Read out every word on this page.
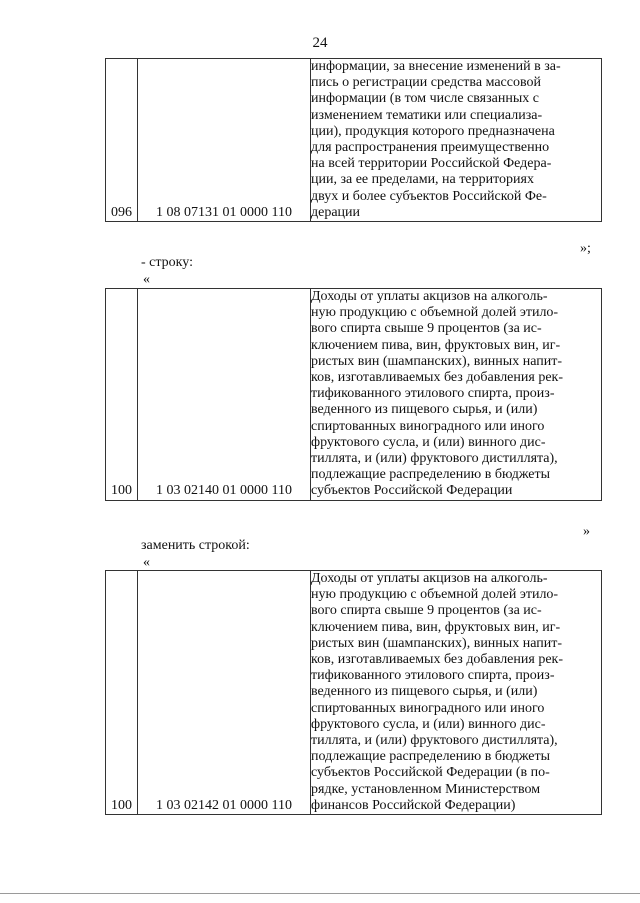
24
096	1 08 07131 01 0000 110	
информации, за внесение изменений в за-
пись о регистрации средства массовой
информации (в том числе связанных с
изменением тематики или специализа-
ции), продукция которого предназначена
для распространения преимущественно
на всей территории Российской Федера-
ции, за ее пределами, на территориях
двух и более субъектов Российской Фе-
дерации
»;
- строку:
«
100	1 03 02140 01 0000 110	
Доходы от уплаты акцизов на алкоголь-
ную продукцию с объемной долей этило-
вого спирта свыше 9 процентов (за ис-
ключением пива, вин, фруктовых вин, иг-
ристых вин (шампанских), винных напит-
ков, изготавливаемых без добавления рек-
тификованного этилового спирта, произ-
веденного из пищевого сырья, и (или)
спиртованных виноградного или иного
фруктового сусла, и (или) винного дис-
тиллята, и (или) фруктового дистиллята),
подлежащие распределению в бюджеты
субъектов Российской Федерации
»
заменить строкой:
«
100	1 03 02142 01 0000 110	
Доходы от уплаты акцизов на алкоголь-
ную продукцию с объемной долей этило-
вого спирта свыше 9 процентов (за ис-
ключением пива, вин, фруктовых вин, иг-
ристых вин (шампанских), винных напит-
ков, изготавливаемых без добавления рек-
тификованного этилового спирта, произ-
веденного из пищевого сырья, и (или)
спиртованных виноградного или иного
фруктового сусла, и (или) винного дис-
тиллята, и (или) фруктового дистиллята),
подлежащие распределению в бюджеты
субъектов Российской Федерации (в по-
рядке, установленном Министерством
финансов Российской Федерации)
